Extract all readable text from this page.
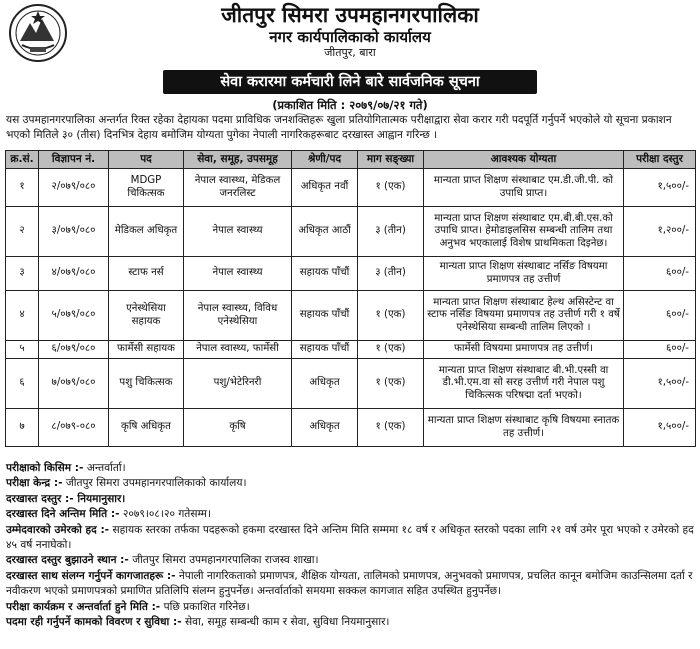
जीतपुर सिमरा उपमहानगरपालिका
नगर कार्यपालिकाको कार्यालय
जीतपुर, बारा
सेवा करारमा कर्मचारी लिने बारे सार्वजनिक सूचना
(प्रकाशित मिति : २०७९/०७/२१ गते)
यस उपमहानगरपालिका अन्तर्गत रिक्त रहेका देहायका पदमा प्राविधिक जनशक्तिहरू खुला प्रतियोगितात्मक परीक्षाद्वारा सेवा करार गरी पदपूर्ति गर्नुपर्ने भएकोले यो सूचना प्रकाशन भएको मितिले ३० (तीस) दिनभित्र देहाय बमोजिम योग्यता पुगेका नेपाली नागरिकहरूबाट दरखास्त आह्वान गरिन्छ ।
क्र.सं.	विज्ञापन नं.	पद	सेवा, समूह, उपसमूह	श्रेणी/पद	माग सङ्ख्या	आवश्यक योग्यता	परीक्षा दस्तुर
१	२/०७९/०८०	MDGP चिकित्सक	नेपाल स्वास्थ्य, मेडिकल जनरलिस्ट	अधिकृत नवौं	१ (एक)	मान्यता प्राप्त शिक्षण संस्थाबाट एम.डी.जी.पी. को उपाधि प्राप्त।	१,५००/-
२	३/०७९/०८०	मेडिकल अधिकृत	नेपाल स्वास्थ्य	अधिकृत आठौं	३ (तीन)	मान्यता प्राप्त शिक्षण संस्थाबाट एम.बी.बी.एस.को उपाधि प्राप्त। हेमोडाइलसिस सम्बन्धी तालिम तथा अनुभव भएकालाई विशेष प्राथमिकता दिइनेछ।	१,२००/-
३	४/०७९/०८०	स्टाफ नर्स	नेपाल स्वास्थ्य	सहायक पाँचौं	३ (तीन)	मान्यता प्राप्त शिक्षण संस्थाबाट नर्सिङ विषयमा प्रमाणपत्र तह उत्तीर्ण	६००/-
४	५/०७९/०८०	एनेस्थेसिया सहायक	नेपाल स्वास्थ्य, विविध एनेस्थेसिया	सहायक पाँचौं	१ (एक)	मान्यता प्राप्त शिक्षण संस्थाबाट हेल्थ असिस्टेन्ट वा स्टाफ नर्सिङ विषयमा प्रमाणपत्र तह उत्तीर्ण गरी १ वर्षे एनेस्थेसिया सम्बन्धी तालिम लिएको ।	६००/-
५	६/०७९/०८०	फार्मेसी सहायक	नेपाल स्वास्थ्य, फार्मेसी	सहायक पाँचौं	१ (एक)	फार्मेसी विषयमा प्रमाणपत्र तह उत्तीर्ण।	६००/-
६	७/०७९/०८०	पशु चिकित्सक	पशु/भेटेरिनरी	अधिकृत	१ (एक)	मान्यता प्राप्त शिक्षण संस्थाबाट बी.भी.एस्सी वा डी.भी.एम.वा सो सरह उत्तीर्ण गरी नेपाल पशु चिकित्सक परिषद्मा दर्ता भएको।	१,५००/-
७	८/०७९-०८०	कृषि अधिकृत	कृषि	अधिकृत	१ (एक)	मान्यता प्राप्त शिक्षण संस्थाबाट कृषि विषयमा स्नातक तह उत्तीर्ण।	१,५००/-

परीक्षाको किसिम :- अन्तर्वार्ता।

परीक्षा केन्द्र :- जीतपुर सिमरा उपमहानगरपालिकाको कार्यालय।

दरखास्त दस्तुर :- नियमानुसार।

दरखास्त दिने अन्तिम मिति :- २०७९।०८।२० गतेसम्म।

उम्मेदवारको उमेरको हद :- सहायक स्तरका तर्फका पदहरूको हकमा दरखास्त दिने अन्तिम मिति सम्ममा १८ वर्ष र अधिकृत स्तरको पदका लागि २१ वर्ष उमेर पूरा भएको र उमेरको हद ४५ वर्ष ननाघेको।

दरखास्त दस्तुर बुझाउने स्थान :- जीतपुर सिमरा उपमहानगरपालिका राजस्व शाखा।

दरखास्त साथ संलग्न गर्नुपर्ने कागजातहरू :- नेपाली नागरिकताको प्रमाणपत्र, शैक्षिक योग्यता, तालिमको प्रमाणपत्र, अनुभवको प्रमाणपत्र, प्रचलित कानून बमोजिम काउन्सिलमा दर्ता र नवीकरण भएको प्रमाणपत्रको प्रमाणित प्रतिलिपि संलग्न हुनुपर्नेछ। अन्तर्वार्ताको समयमा सक्कल कागजात सहित उपस्थित हुनुपर्नेछ।

परीक्षा कार्यक्रम र अन्तर्वार्ता हुने मिति :- पछि प्रकाशित गरिनेछ।

पदमा रही गर्नुपर्ने कामको विवरण र सुविधा :- सेवा, समूह सम्बन्धी काम र सेवा, सुविधा नियमानुसार।
